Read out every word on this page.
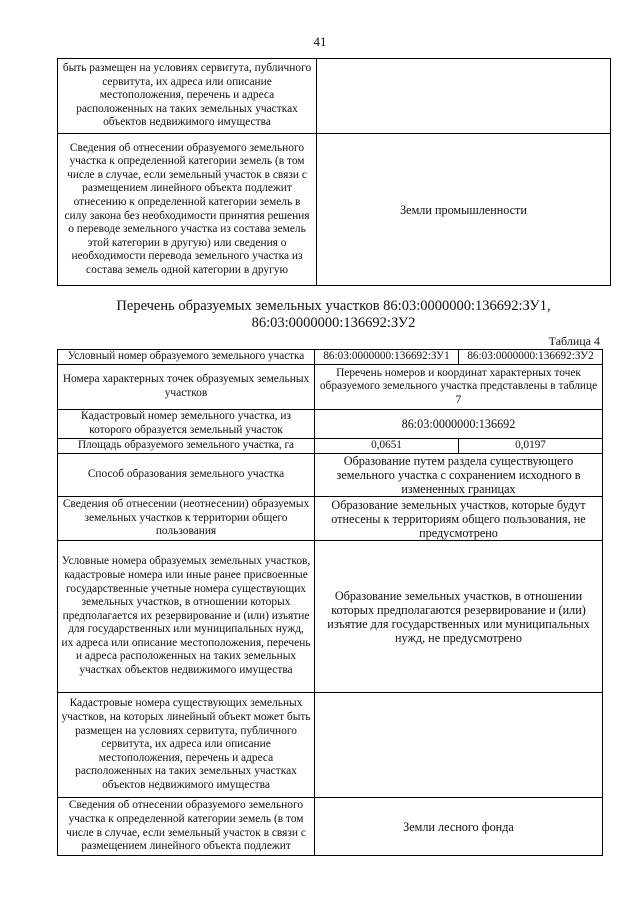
41
быть размещен на условиях сервитута, публичного сервитута, их адреса или описание местоположения, перечень и адреса расположенных на таких земельных участках объектов недвижимого имущества	
Сведения об отнесении образуемого земельного участка к определенной категории земель (в том числе в случае, если земельный участок в связи с размещением линейного объекта подлежит отнесению к определенной категории земель в силу закона без необходимости принятия решения о переводе земельного участка из состава земель этой категории в другую) или сведения о необходимости перевода земельного участка из состава земель одной категории в другую	Земли промышленности
Перечень образуемых земельных участков 86:03:0000000:136692:ЗУ1,
86:03:0000000:136692:ЗУ2
Таблица 4
Условный номер образуемого земельного участка	86:03:0000000:136692:ЗУ1	86:03:0000000:136692:ЗУ2
Номера характерных точек образуемых земельных участков	Перечень номеров и координат характерных точек образуемого земельного участка представлены в таблице 7	
Кадастровый номер земельного участка, из которого образуется земельный участок	86:03:0000000:136692	
Площадь образуемого земельного участка, га	0,0651	0,0197
Способ образования земельного участка	Образование путем раздела существующего земельного участка с сохранением исходного в измененных границах	
Сведения об отнесении (неотнесении) образуемых земельных участков к территории общего пользования	Образование земельных участков, которые будут отнесены к территориям общего пользования, не предусмотрено	
Условные номера образуемых земельных участков, кадастровые номера или иные ранее присвоенные государственные учетные номера существующих земельных участков, в отношении которых предполагается их резервирование и (или) изъятие для государственных или муниципальных нужд, их адреса или описание местоположения, перечень и адреса расположенных на таких земельных участках объектов недвижимого имущества	Образование земельных участков, в отношении которых предполагаются резервирование и (или) изъятие для государственных или муниципальных нужд, не предусмотрено	
Кадастровые номера существующих земельных участков, на которых линейный объект может быть размещен на условиях сервитута, публичного сервитута, их адреса или описание местоположения, перечень и адреса расположенных на таких земельных участках объектов недвижимого имущества		
Сведения об отнесении образуемого земельного участка к определенной категории земель (в том числе в случае, если земельный участок в связи с размещением линейного объекта подлежит	Земли лесного фонда	
